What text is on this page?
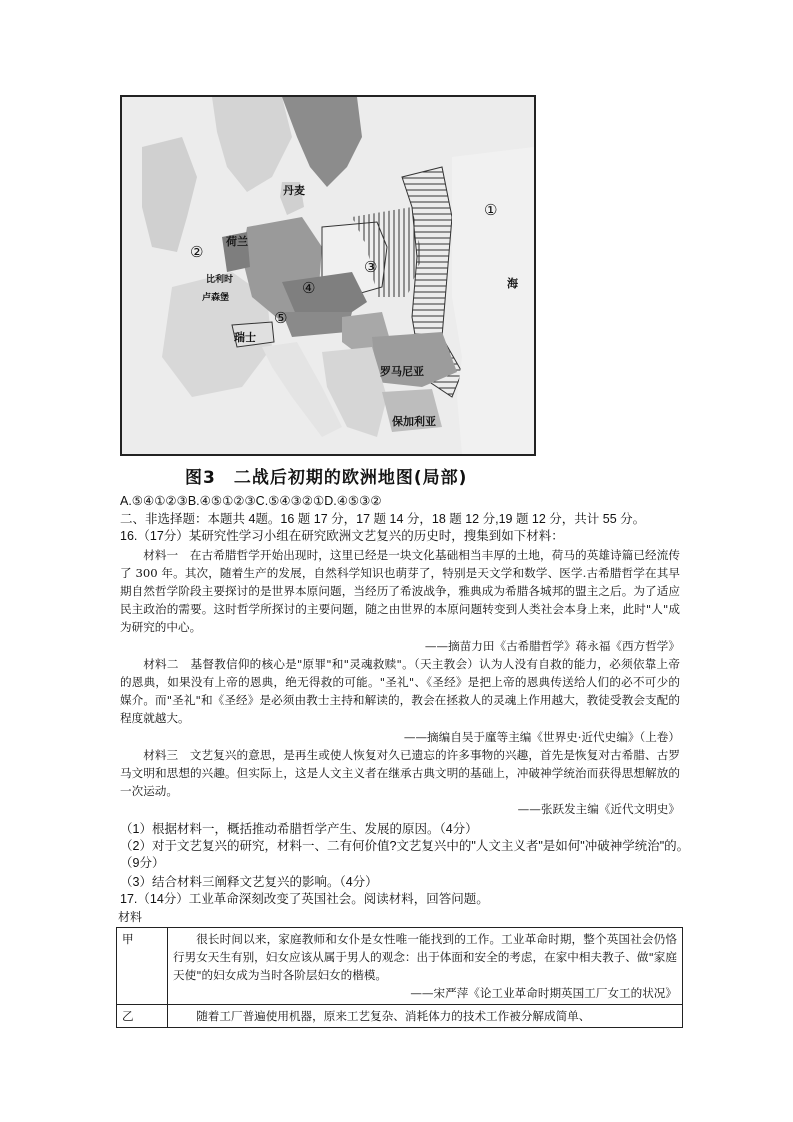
丹麦
荷兰
比利时
卢森堡
瑞士
罗马尼亚
保加利亚
海
①
②
③
④
⑤
图3　二战后初期的欧洲地图(局部)
A.⑤④①②③B.④⑤①②③C.⑤④③②①D.④⑤③②
二、非选择题：本题共 4题。16 题 17 分，17 题 14 分，18 题 12 分,19 题 12 分，共计 55 分。
16.（17分）某研究性学习小组在研究欧洲文艺复兴的历史时，搜集到如下材料：
材料一　在古希腊哲学开始出现时，这里已经是一块文化基础相当丰厚的土地，荷马的英雄诗篇已经流传了 300 年。其次，随着生产的发展，自然科学知识也萌芽了，特别是天文学和数学、医学.古希腊哲学在其早期自然哲学阶段主要探讨的是世界本原问题，当经历了希波战争，雅典成为希腊各城邦的盟主之后。为了适应民主政治的需要。这时哲学所探讨的主要问题，随之由世界的本原问题转变到人类社会本身上来，此时"人"成为研究的中心。
——摘苗力田《古希腊哲学》蒋永福《西方哲学》
材料二　基督教信仰的核心是"原罪"和"灵魂救赎"。（天主教会）认为人没有自救的能力，必须依靠上帝的恩典，如果没有上帝的恩典，绝无得救的可能。"圣礼"、《圣经》是把上帝的恩典传送给人们的必不可少的媒介。而"圣礼"和《圣经》是必须由教士主持和解读的，教会在拯救人的灵魂上作用越大，教徒受教会支配的程度就越大。
——摘编自吴于廑等主编《世界史·近代史编》（上卷）
材料三　文艺复兴的意思，是再生或使人恢复对久已遗忘的许多事物的兴趣，首先是恢复对古希腊、古罗马文明和思想的兴趣。但实际上，这是人文主义者在继承古典文明的基础上，冲破神学统治而获得思想解放的一次运动。
——张跃发主编《近代文明史》
（1）根据材料一，概括推动希腊哲学产生、发展的原因。（4分）
（2）对于文艺复兴的研究，材料一、二有何价值?文艺复兴中的"人文主义者"是如何"冲破神学统治"的。（9分）
（3）结合材料三阐释文艺复兴的影响。（4分）
17.（14分）工业革命深刻改变了英国社会。阅读材料，回答问题。
材料
甲	很长时间以来，家庭教师和女仆是女性唯一能找到的工作。工业革命时期，整个英国社会仍恪行男女天生有别，妇女应该从属于男人的观念：出于体面和安全的考虑，在家中相夫教子、做"家庭天使"的妇女成为当时各阶层妇女的楷模。
——宋严萍《论工业革命时期英国工厂女工的状况》

乙	随着工厂普遍使用机器，原来工艺复杂、消耗体力的技术工作被分解成简单、
